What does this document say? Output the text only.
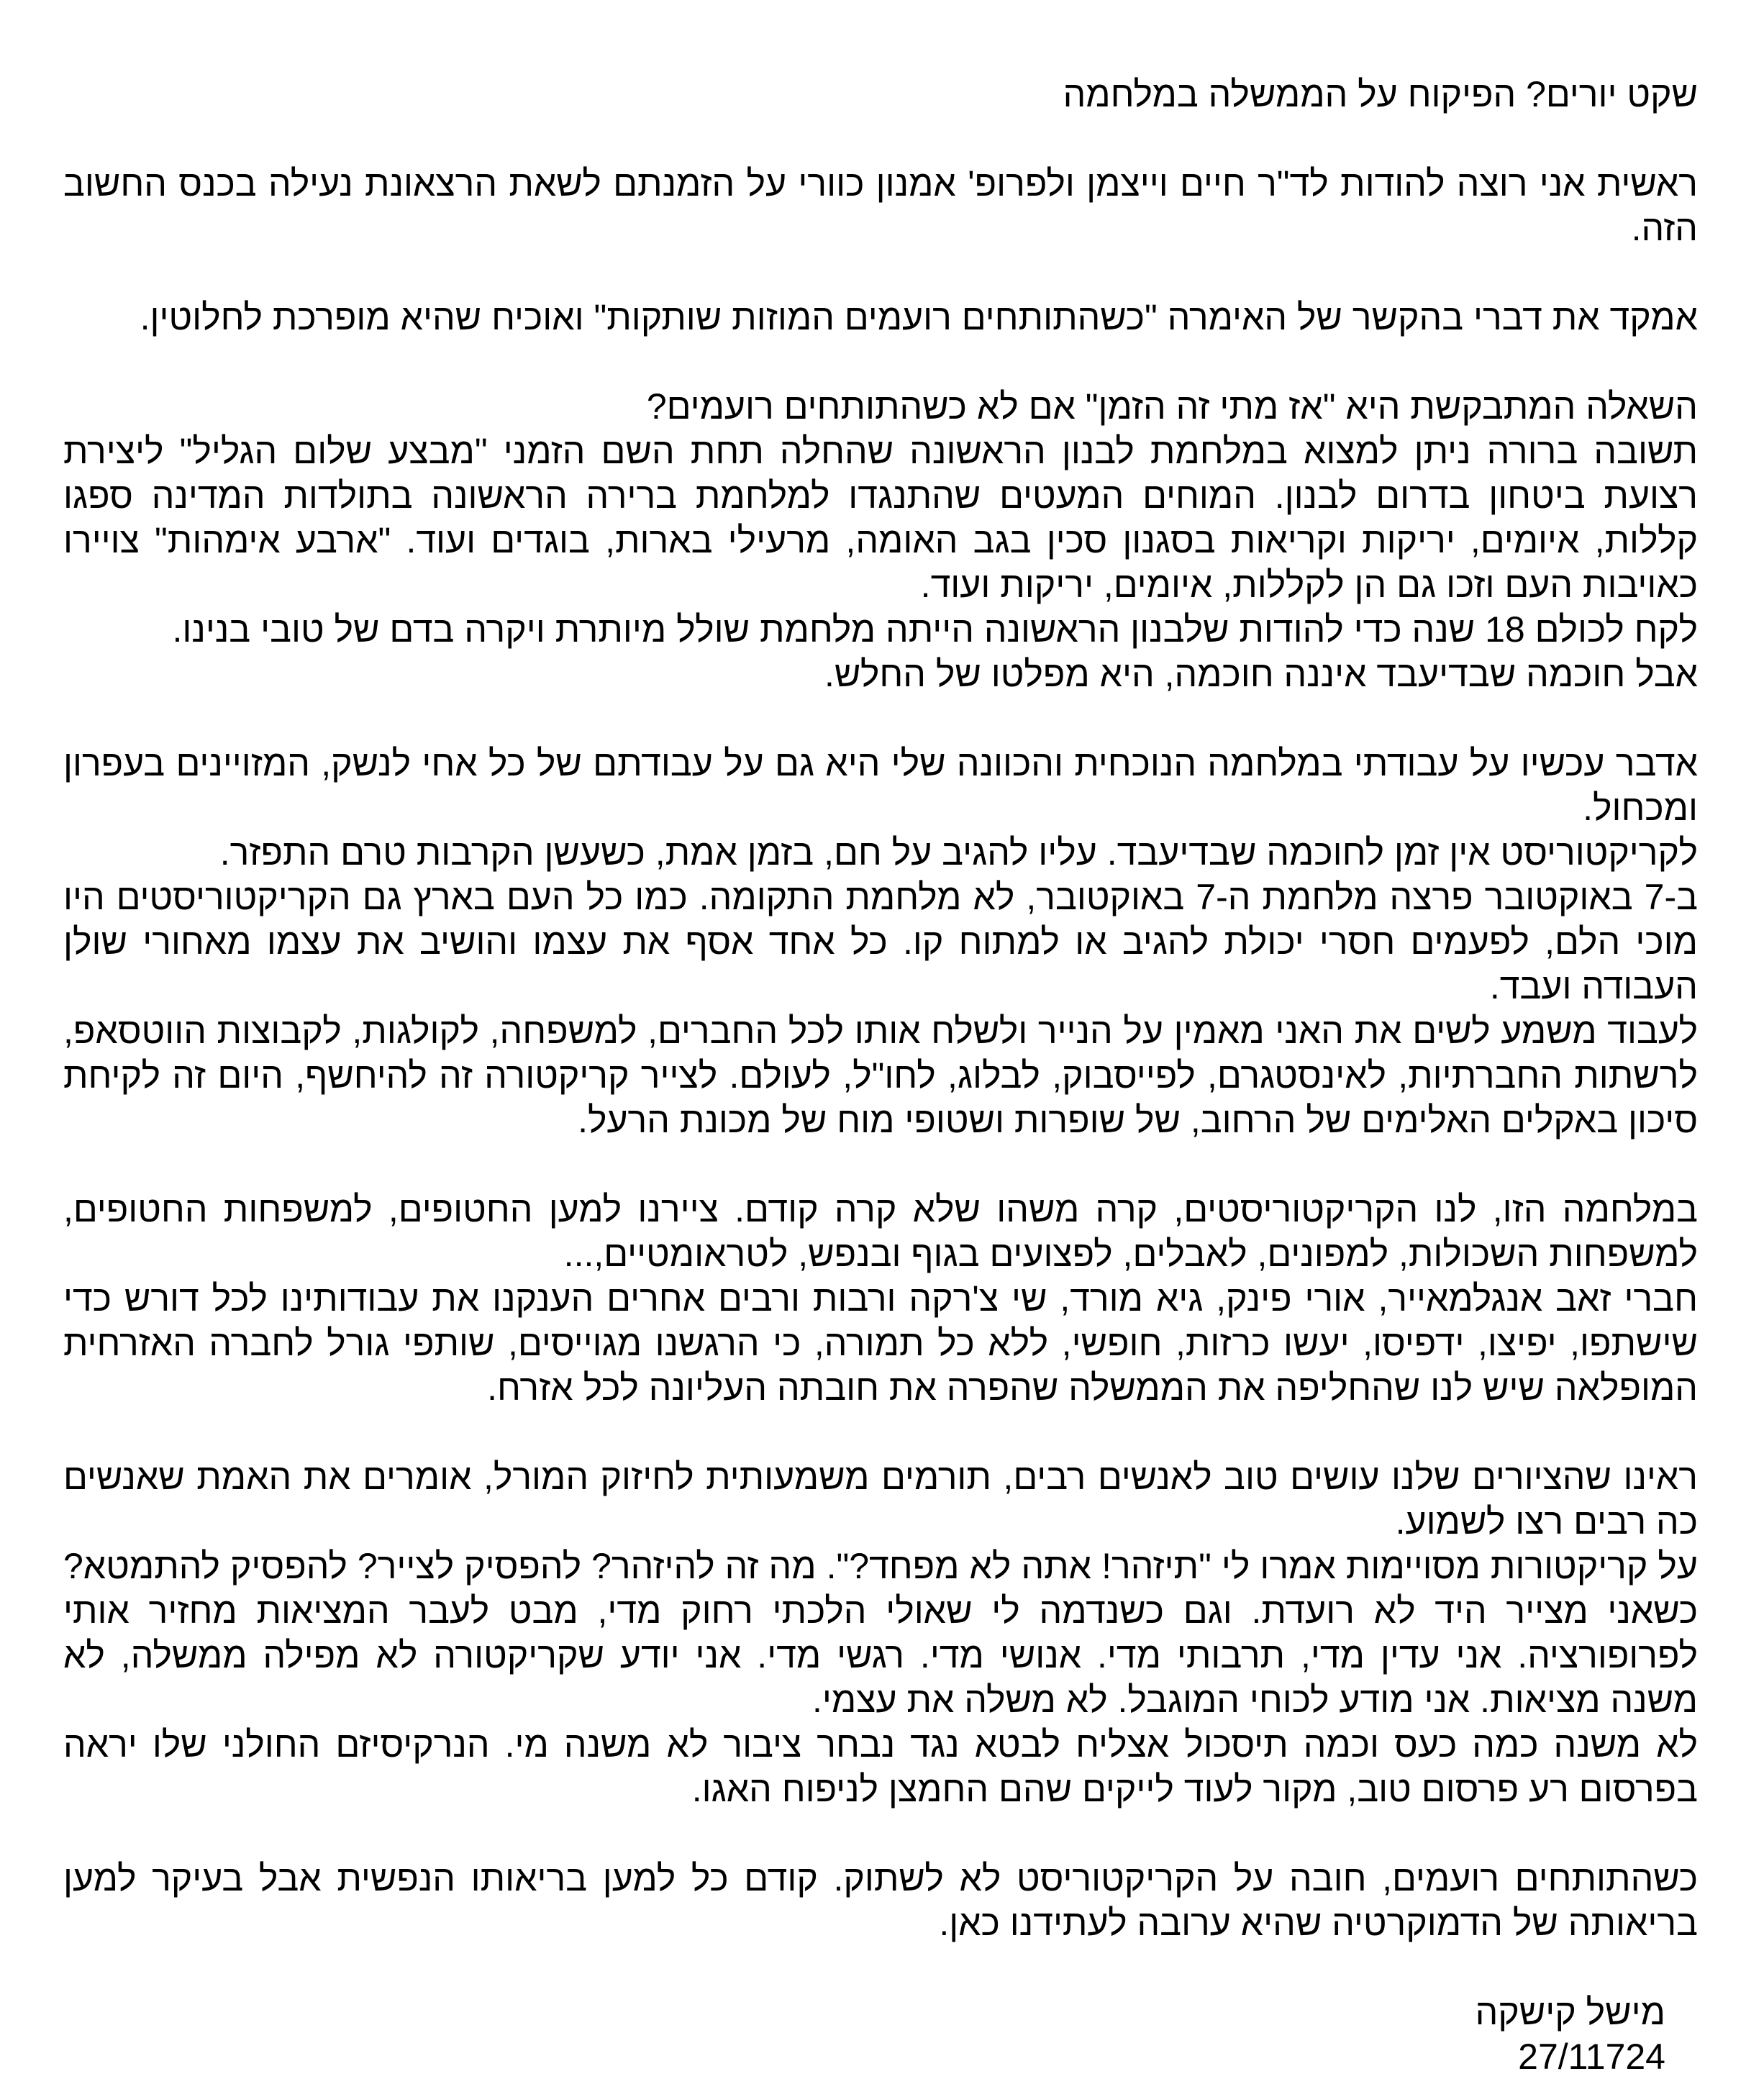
שקט יורים? הפיקוח על הממשלה במלחמה
ראשית אני רוצה להודות לד"ר חיים וייצמן ולפרופ' אמנון כוורי על הזמנתם לשאת הרצאונת נעילה בכנס החשוב הזה.
אמקד את דברי בהקשר של האימרה "כשהתותחים רועמים המוזות שותקות" ואוכיח שהיא מופרכת לחלוטין.
השאלה המתבקשת היא "אז מתי זה הזמן" אם לא כשהתותחים רועמים?
תשובה ברורה ניתן למצוא במלחמת לבנון הראשונה שהחלה תחת השם הזמני "מבצע שלום הגליל" ליצירת רצועת ביטחון בדרום לבנון. המוחים המעטים שהתנגדו למלחמת ברירה הראשונה בתולדות המדינה ספגו קללות, איומים, יריקות וקריאות בסגנון סכין בגב האומה, מרעילי בארות, בוגדים ועוד. "ארבע אימהות" צויירו כאויבות העם וזכו גם הן לקללות, איומים, יריקות ועוד.
לקח לכולם 18 שנה כדי להודות שלבנון הראשונה הייתה מלחמת שולל מיותרת ויקרה בדם של טובי בנינו.
אבל חוכמה שבדיעבד איננה חוכמה, היא מפלטו של החלש.
אדבר עכשיו על עבודתי במלחמה הנוכחית והכוונה שלי היא גם על עבודתם של כל אחי לנשק, המזויינים בעפרון ומכחול.
לקריקטוריסט אין זמן לחוכמה שבדיעבד. עליו להגיב על חם, בזמן אמת, כשעשן הקרבות טרם התפזר.
ב-7 באוקטובר פרצה מלחמת ה-7 באוקטובר, לא מלחמת התקומה. כמו כל העם בארץ גם הקריקטוריסטים היו מוכי הלם, לפעמים חסרי יכולת להגיב או למתוח קו. כל אחד אסף את עצמו והושיב את עצמו מאחורי שולן העבודה ועבד.
לעבוד משמע לשים את האני מאמין על הנייר ולשלח אותו לכל החברים, למשפחה, לקולגות, לקבוצות הווטסאפ, לרשתות החברתיות, לאינסטגרם, לפייסבוק, לבלוג, לחו"ל, לעולם. לצייר קריקטורה זה להיחשף, היום זה לקיחת סיכון באקלים האלימים של הרחוב, של שופרות ושטופי מוח של מכונת הרעל.
במלחמה הזו, לנו הקריקטוריסטים, קרה משהו שלא קרה קודם. ציירנו למען החטופים, למשפחות החטופים, למשפחות השכולות, למפונים, לאבלים, לפצועים בגוף ובנפש, לטראומטיים,...
חברי זאב אנגלמאייר, אורי פינק, גיא מורד, שי צ'רקה ורבות ורבים אחרים הענקנו את עבודותינו לכל דורש כדי שישתפו, יפיצו, ידפיסו, יעשו כרזות, חופשי, ללא כל תמורה, כי הרגשנו מגוייסים, שותפי גורל לחברה האזרחית המופלאה שיש לנו שהחליפה את הממשלה שהפרה את חובתה העליונה לכל אזרח.
ראינו שהציורים שלנו עושים טוב לאנשים רבים, תורמים משמעותית לחיזוק המורל, אומרים את האמת שאנשים כה רבים רצו לשמוע.
על קריקטורות מסויימות אמרו לי "תיזהר! אתה לא מפחד?". מה זה להיזהר? להפסיק לצייר? להפסיק להתמטא? כשאני מצייר היד לא רועדת. וגם כשנדמה לי שאולי הלכתי רחוק מדי, מבט לעבר המציאות מחזיר אותי לפרופורציה. אני עדין מדי, תרבותי מדי. אנושי מדי. רגשי מדי. אני יודע שקריקטורה לא מפילה ממשלה, לא משנה מציאות. אני מודע לכוחי המוגבל. לא משלה את עצמי.
לא משנה כמה כעס וכמה תיסכול אצליח לבטא נגד נבחר ציבור לא משנה מי. הנרקיסיזם החולני שלו יראה בפרסום רע פרסום טוב, מקור לעוד לייקים שהם החמצן לניפוח האגו.
כשהתותחים רועמים, חובה על הקריקטוריסט לא לשתוק. קודם כל למען בריאותו הנפשית אבל בעיקר למען בריאותה של הדמוקרטיה שהיא ערובה לעתידנו כאן.
מישל קישקה
27/11724
